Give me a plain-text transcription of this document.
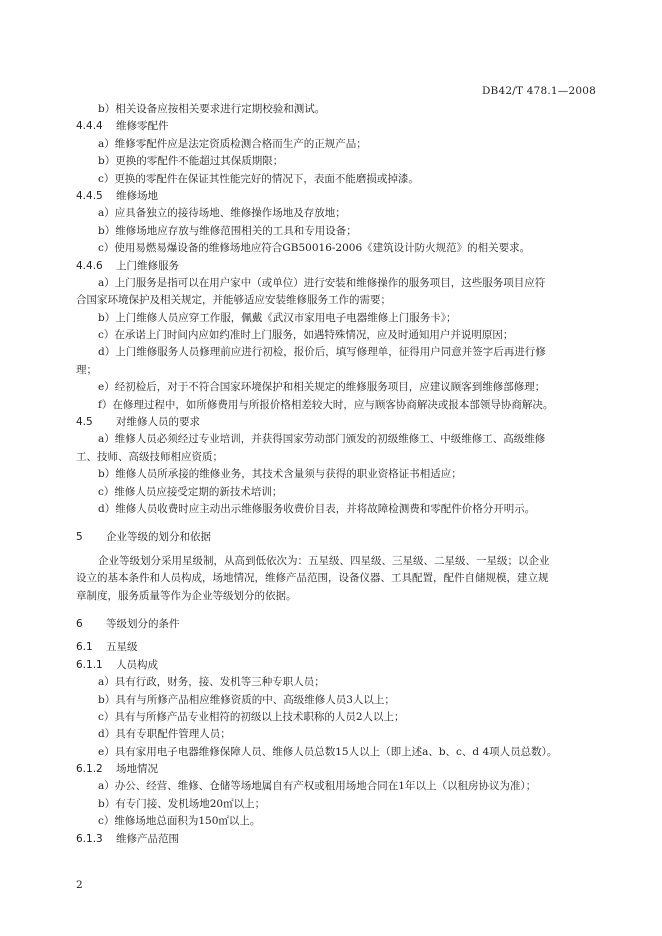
DB42/T 478.1—2008
b）相关设备应按相关要求进行定期校验和测试。
4.4.4 维修零配件
a）维修零配件应是法定资质检测合格而生产的正规产品；
b）更换的零配件不能超过其保质期限；
c）更换的零配件在保证其性能完好的情况下，表面不能磨损或掉漆。
4.4.5 维修场地
a）应具备独立的接待场地、维修操作场地及存放地；
b）维修场地应存放与维修范围相关的工具和专用设备；
c）使用易燃易爆设备的维修场地应符合GB50016-2006《建筑设计防火规范》的相关要求。
4.4.6 上门维修服务
a）上门服务是指可以在用户家中（或单位）进行安装和维修操作的服务项目，这些服务项目应符
合国家环境保护及相关规定，并能够适应安装维修服务工作的需要；
b）上门维修人员应穿工作服，佩戴《武汉市家用电子电器维修上门服务卡》；
c）在承诺上门时间内应如约准时上门服务，如遇特殊情况，应及时通知用户并说明原因；
d）上门维修服务人员修理前应进行初检，报价后，填写修理单，征得用户同意并签字后再进行修
理；
e）经初检后，对于不符合国家环境保护和相关规定的维修服务项目，应建议顾客到维修部修理；
f）在修理过程中，如所修费用与所报价格相差较大时，应与顾客协商解决或报本部领导协商解决。
4.5 对维修人员的要求
a）维修人员必须经过专业培训，并获得国家劳动部门颁发的初级维修工、中级维修工、高级维修
工、技师、高级技师相应资质；
b）维修人员所承接的维修业务，其技术含量须与获得的职业资格证书相适应；
c）维修人员应接受定期的新技术培训；
d）维修人员收费时应主动出示维修服务收费价目表，并将故障检测费和零配件价格分开明示。
5 企业等级的划分和依据
企业等级划分采用星级制，从高到低依次为：五星级、四星级、三星级、二星级、一星级；以企业
设立的基本条件和人员构成，场地情况，维修产品范围，设备仪器、工具配置，配件自储规模，建立规
章制度，服务质量等作为企业等级划分的依据。
6 等级划分的条件
6.1 五星级
6.1.1 人员构成
a）具有行政，财务，接、发机等三种专职人员；
b）具有与所修产品相应维修资质的中、高级维修人员3人以上；
c）具有与所修产品专业相符的初级以上技术职称的人员2人以上；
d）具有专职配件管理人员；
e）具有家用电子电器维修保障人员、维修人员总数15人以上（即上述a、b、c、d 4项人员总数）。
6.1.2 场地情况
a）办公、经营、维修、仓储等场地属自有产权或租用场地合同在1年以上（以租房协议为准）；
b）有专门接、发机场地20㎡以上；
c）维修场地总面积为150㎡以上。
6.1.3 维修产品范围
2
